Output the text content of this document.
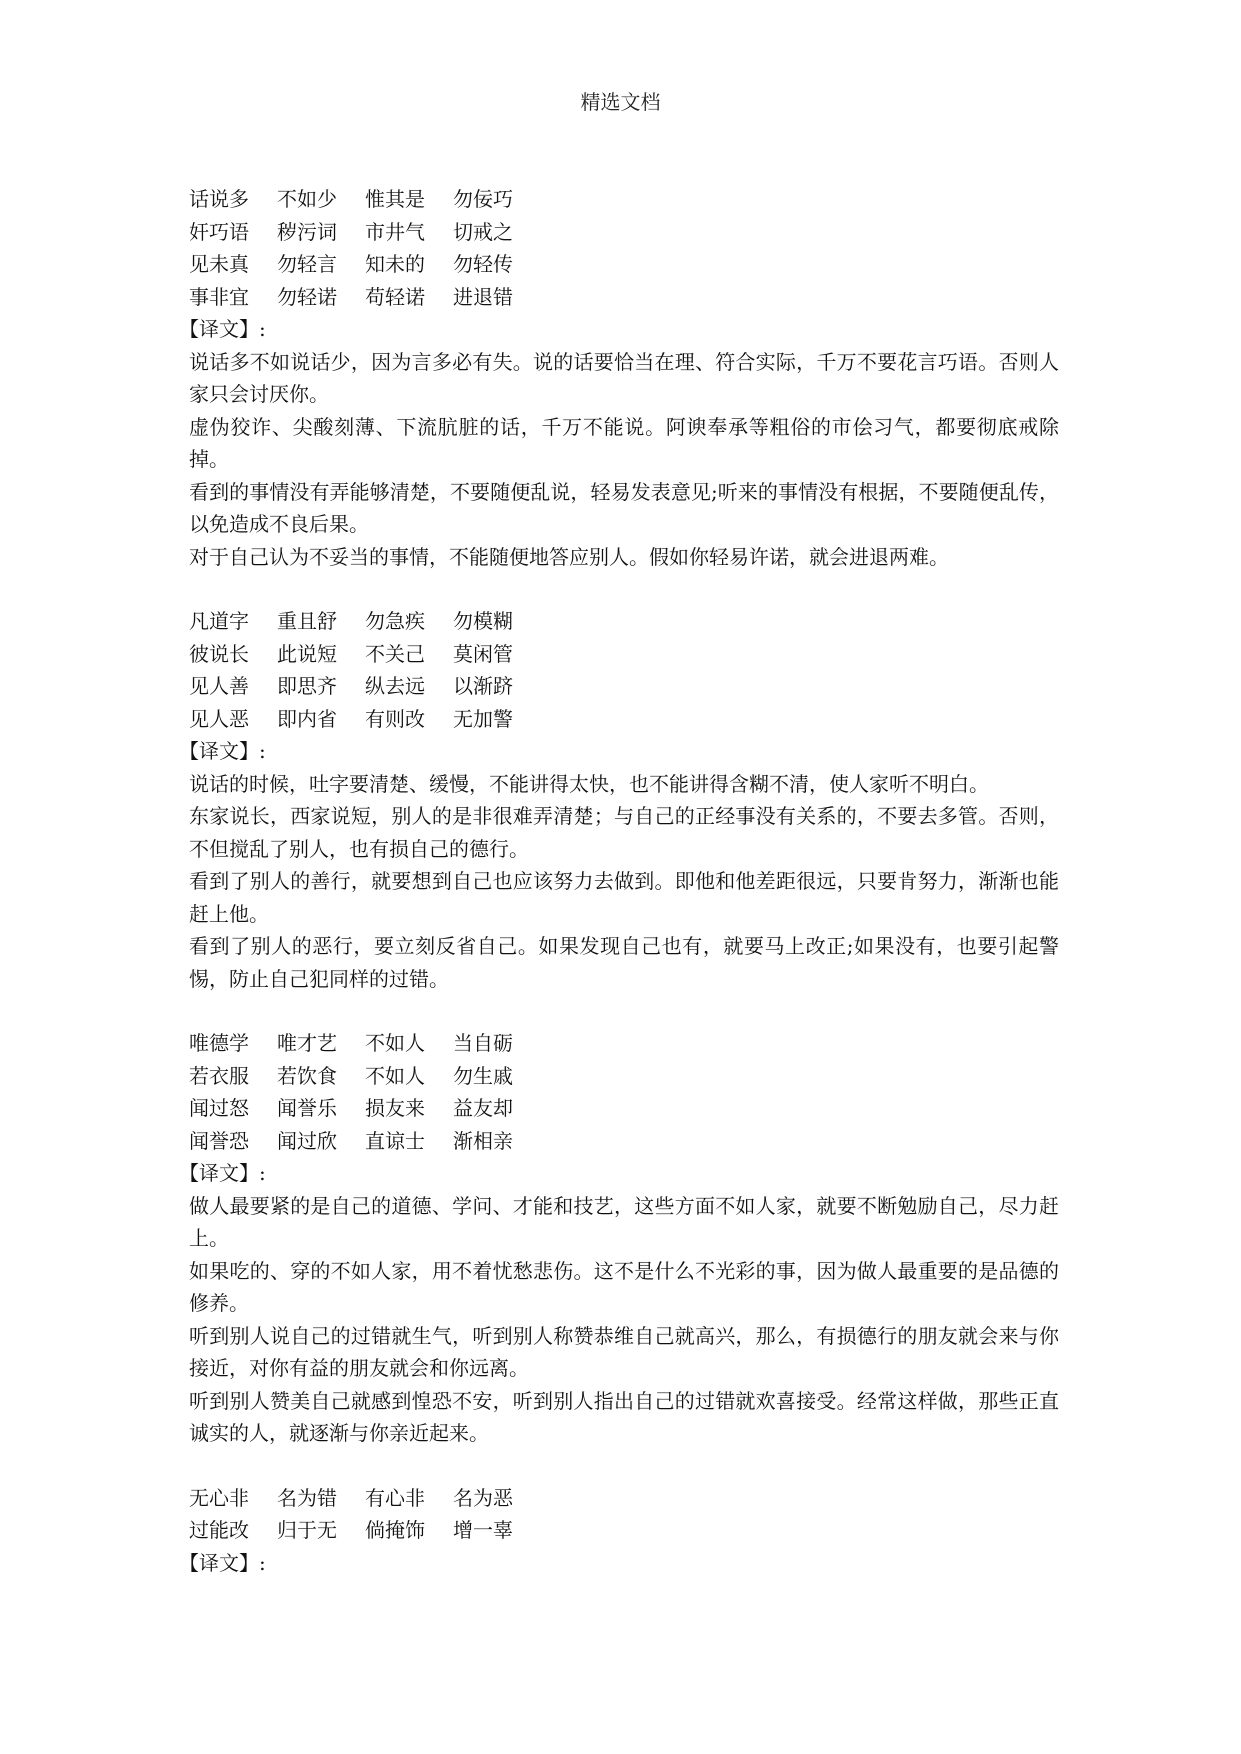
精选文档
话说多 不如少 惟其是 勿佞巧
奸巧语 秽污词 市井气 切戒之
见未真 勿轻言 知未的 勿轻传
事非宜 勿轻诺 苟轻诺 进退错
【译文】:

说话多不如说话少，因为言多必有失。说的话要恰当在理、符合实际，千万不要花言巧语。否则人家只会讨厌你。

虚伪狡诈、尖酸刻薄、下流肮脏的话，千万不能说。阿谀奉承等粗俗的市侩习气，都要彻底戒除掉。

看到的事情没有弄能够清楚，不要随便乱说，轻易发表意见;听来的事情没有根据，不要随便乱传，以免造成不良后果。

对于自己认为不妥当的事情，不能随便地答应别人。假如你轻易许诺，就会进退两难。

凡道字 重且舒 勿急疾 勿模糊
彼说长 此说短 不关己 莫闲管
见人善 即思齐 纵去远 以渐跻
见人恶 即内省 有则改 无加警
【译文】:

说话的时候，吐字要清楚、缓慢，不能讲得太快，也不能讲得含糊不清，使人家听不明白。

东家说长，西家说短，别人的是非很难弄清楚；与自己的正经事没有关系的，不要去多管。否则，不但搅乱了别人，也有损自己的德行。

看到了别人的善行，就要想到自己也应该努力去做到。即他和他差距很远，只要肯努力，渐渐也能赶上他。

看到了别人的恶行，要立刻反省自己。如果发现自己也有，就要马上改正;如果没有，也要引起警惕，防止自己犯同样的过错。

唯德学 唯才艺 不如人 当自砺
若衣服 若饮食 不如人 勿生戚
闻过怒 闻誉乐 损友来 益友却
闻誉恐 闻过欣 直谅士 渐相亲
【译文】:

做人最要紧的是自己的道德、学问、才能和技艺，这些方面不如人家，就要不断勉励自己，尽力赶上。

如果吃的、穿的不如人家，用不着忧愁悲伤。这不是什么不光彩的事，因为做人最重要的是品德的修养。

听到别人说自己的过错就生气，听到别人称赞恭维自己就高兴，那么，有损德行的朋友就会来与你接近，对你有益的朋友就会和你远离。

听到别人赞美自己就感到惶恐不安，听到别人指出自己的过错就欢喜接受。经常这样做，那些正直诚实的人，就逐渐与你亲近起来。

无心非 名为错 有心非 名为恶
过能改 归于无 倘掩饰 增一辜
【译文】:
